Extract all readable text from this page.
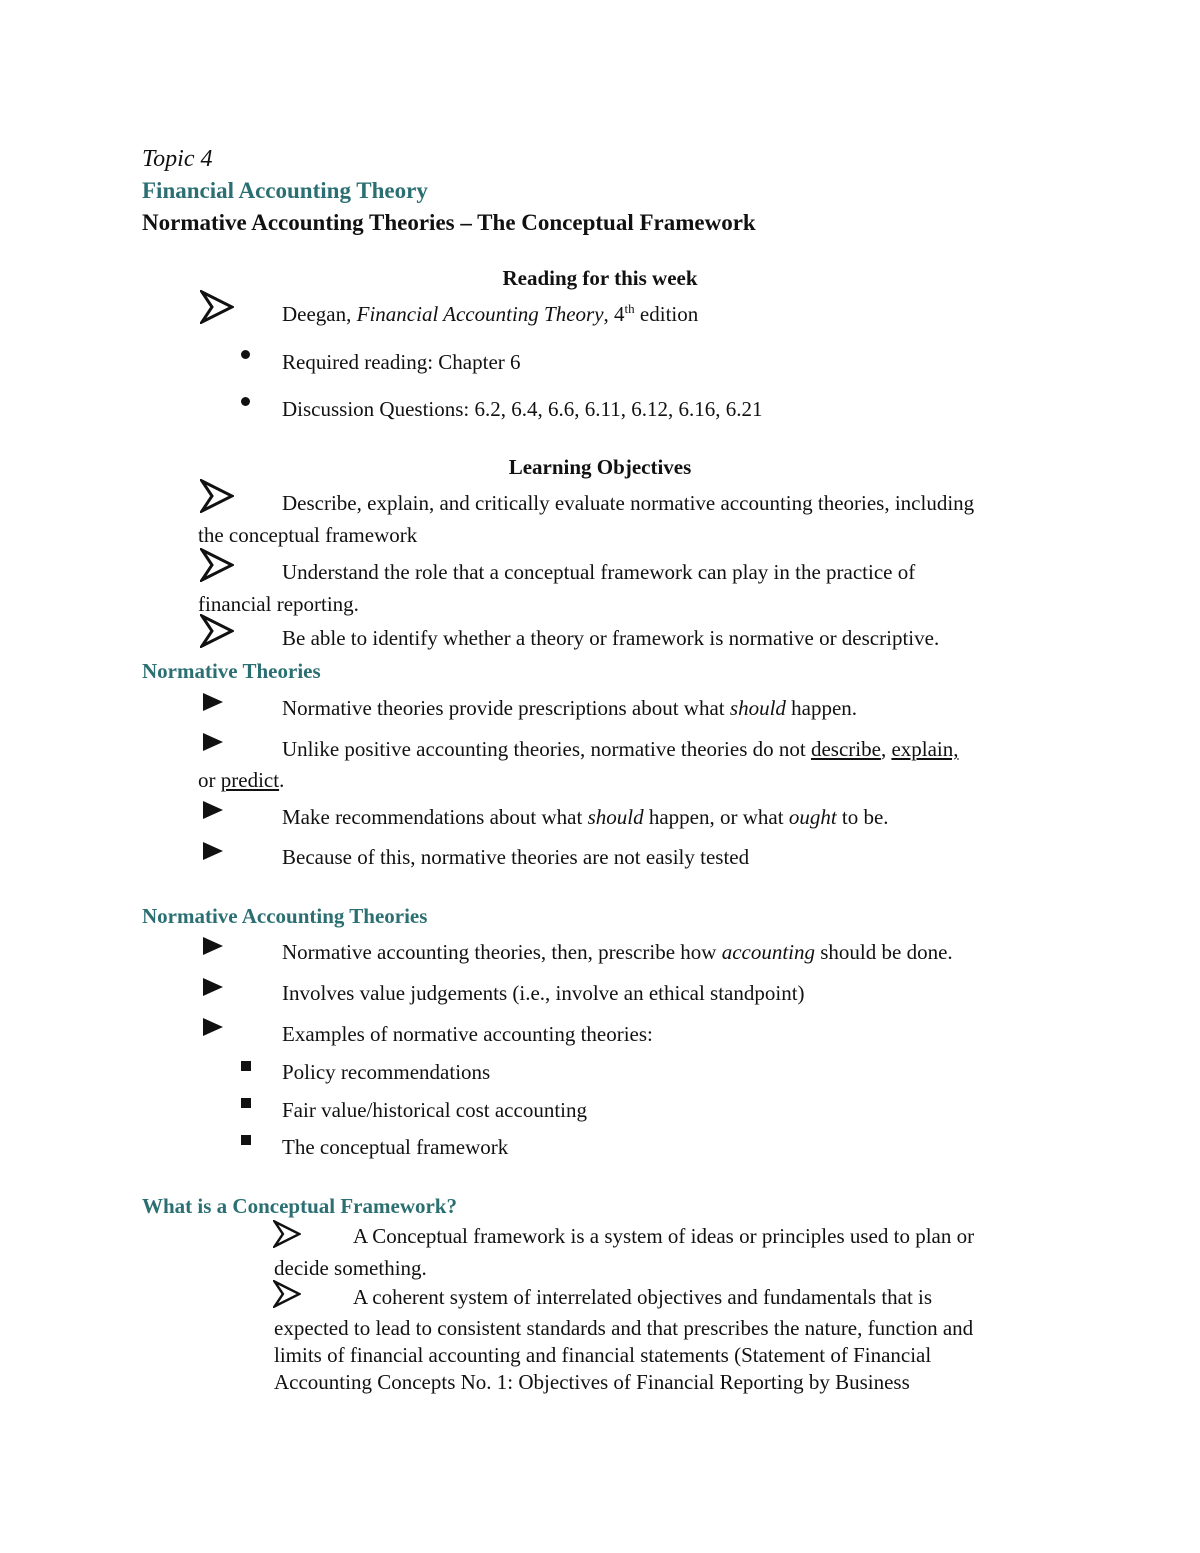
Topic 4
Financial Accounting Theory
Normative Accounting Theories – The Conceptual Framework
Reading for this week
Deegan, Financial Accounting Theory, 4th edition
Required reading: Chapter 6
Discussion Questions: 6.2, 6.4, 6.6, 6.11, 6.12, 6.16, 6.21
Learning Objectives
Describe, explain, and critically evaluate normative accounting theories, including
the conceptual framework
Understand the role that a conceptual framework can play in the practice of
financial reporting.
Be able to identify whether a theory or framework is normative or descriptive.
Normative Theories
Normative theories provide prescriptions about what should happen.
Unlike positive accounting theories, normative theories do not describe, explain,
or predict.
Make recommendations about what should happen, or what ought to be.
Because of this, normative theories are not easily tested
Normative Accounting Theories
Normative accounting theories, then, prescribe how accounting should be done.
Involves value judgements (i.e., involve an ethical standpoint)
Examples of normative accounting theories:
Policy recommendations
Fair value/historical cost accounting
The conceptual framework
What is a Conceptual Framework?
A Conceptual framework is a system of ideas or principles used to plan or
decide something.
A coherent system of interrelated objectives and fundamentals that is
expected to lead to consistent standards and that prescribes the nature, function and
limits of financial accounting and financial statements (Statement of Financial
Accounting Concepts No. 1: Objectives of Financial Reporting by Business
